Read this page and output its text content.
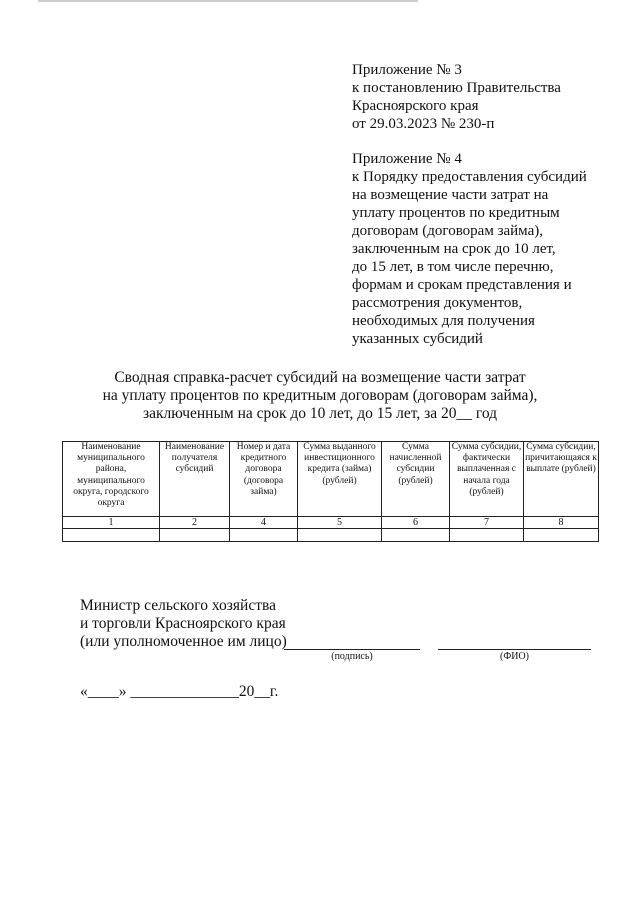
Приложение № 3
к постановлению Правительства
Красноярского края
от 29.03.2023 № 230-п
Приложение № 4
к Порядку предоставления субсидий
на возмещение части затрат на
уплату процентов по кредитным
договорам (договорам займа),
заключенным на срок до 10 лет,
до 15 лет, в том числе перечню,
формам и срокам представления и
рассмотрения документов,
необходимых для получения
указанных субсидий
Сводная справка-расчет субсидий на возмещение части затрат
на уплату процентов по кредитным договорам (договорам займа),
заключенным на срок до 10 лет, до 15 лет, за 20__ год
Наименование муниципального района, муниципального округа, городского округа	Наименование получателя субсидий	Номер и дата кредитного договора (договора займа)	Сумма выданного инвестиционного кредита (займа) (рублей)	Сумма начисленной субсидии (рублей)	Сумма субсидии, фактически выплаченная с начала года (рублей)	Сумма субсидии, причитающаяся к выплате (рублей)
1	2	4	5	6	7	8

Министр сельского хозяйства
и торговли Красноярского края
(или уполномоченное им лицо)
(подпись)	(ФИО)
«____» ______________20__г.
